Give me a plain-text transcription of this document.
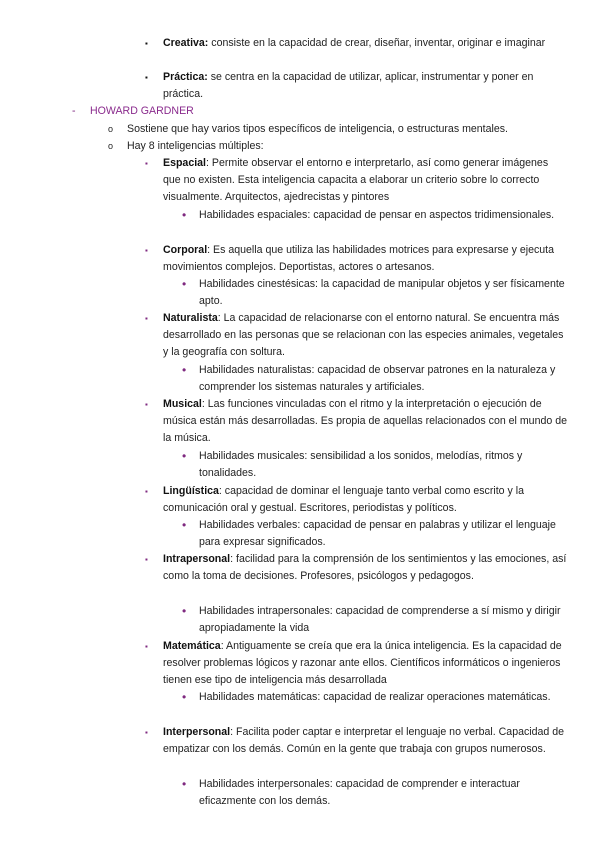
▪ Creativa: consiste en la capacidad de crear, diseñar, inventar, originar e imaginar
▪ Práctica: se centra en la capacidad de utilizar, aplicar, instrumentar y poner en práctica.
- HOWARD GARDNER
o Sostiene que hay varios tipos específicos de inteligencia, o estructuras mentales.
o Hay 8 inteligencias múltiples:
▪ Espacial: Permite observar el entorno e interpretarlo, así como generar imágenes que no existen. Esta inteligencia capacita a elaborar un criterio sobre lo correcto visualmente. Arquitectos, ajedrecistas y pintores
• Habilidades espaciales: capacidad de pensar en aspectos tridimensionales.
▪ Corporal: Es aquella que utiliza las habilidades motrices para expresarse y ejecuta movimientos complejos. Deportistas, actores o artesanos.
• Habilidades cinestésicas: la capacidad de manipular objetos y ser físicamente apto.
▪ Naturalista: La capacidad de relacionarse con el entorno natural. Se encuentra más desarrollado en las personas que se relacionan con las especies animales, vegetales y la geografía con soltura.
• Habilidades naturalistas: capacidad de observar patrones en la naturaleza y comprender los sistemas naturales y artificiales.
▪ Musical: Las funciones vinculadas con el ritmo y la interpretación o ejecución de música están más desarrolladas. Es propia de aquellas relacionados con el mundo de la música.
• Habilidades musicales: sensibilidad a los sonidos, melodías, ritmos y tonalidades.
▪ Lingüística: capacidad de dominar el lenguaje tanto verbal como escrito y la comunicación oral y gestual. Escritores, periodistas y políticos.
• Habilidades verbales: capacidad de pensar en palabras y utilizar el lenguaje para expresar significados.
▪ Intrapersonal: facilidad para la comprensión de los sentimientos y las emociones, así como la toma de decisiones. Profesores, psicólogos y pedagogos.
• Habilidades intrapersonales: capacidad de comprenderse a sí mismo y dirigir apropiadamente la vida
▪ Matemática: Antiguamente se creía que era la única inteligencia. Es la capacidad de resolver problemas lógicos y razonar ante ellos. Científicos informáticos o ingenieros tienen ese tipo de inteligencia más desarrollada
• Habilidades matemáticas: capacidad de realizar operaciones matemáticas.
▪ Interpersonal: Facilita poder captar e interpretar el lenguaje no verbal. Capacidad de empatizar con los demás. Común en la gente que trabaja con grupos numerosos.
• Habilidades interpersonales: capacidad de comprender e interactuar eficazmente con los demás.
